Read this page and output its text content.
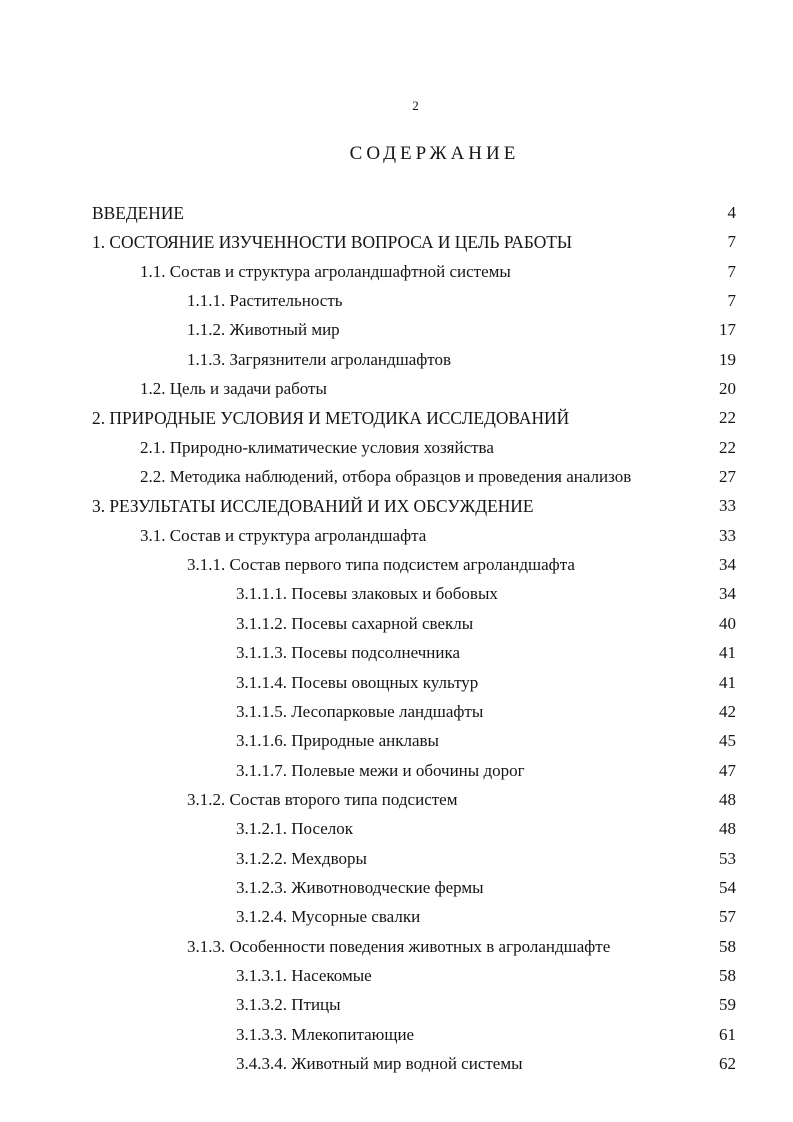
2
СОДЕРЖАНИЕ
ВВЕДЕНИЕ	4
1. СОСТОЯНИЕ ИЗУЧЕННОСТИ ВОПРОСА И ЦЕЛЬ РАБОТЫ	7
1.1. Состав и структура агроландшафтной системы	7
1.1.1. Растительность	7
1.1.2. Животный мир	17
1.1.3. Загрязнители агроландшафтов	19
1.2. Цель и задачи работы	20
2. ПРИРОДНЫЕ УСЛОВИЯ И МЕТОДИКА ИССЛЕДОВАНИЙ	22
2.1. Природно-климатические условия хозяйства	22
2.2. Методика наблюдений, отбора образцов и проведения анализов	27
3. РЕЗУЛЬТАТЫ ИССЛЕДОВАНИЙ И ИХ ОБСУЖДЕНИЕ	33
3.1. Состав и структура агроландшафта	33
3.1.1. Состав первого типа подсистем агроландшафта	34
3.1.1.1. Посевы злаковых и бобовых	34
3.1.1.2. Посевы сахарной свеклы	40
3.1.1.3. Посевы подсолнечника	41
3.1.1.4. Посевы овощных культур	41
3.1.1.5. Лесопарковые ландшафты	42
3.1.1.6. Природные анклавы	45
3.1.1.7. Полевые межи и обочины дорог	47
3.1.2. Состав второго типа подсистем	48
3.1.2.1. Поселок	48
3.1.2.2. Мехдворы	53
3.1.2.3. Животноводческие фермы	54
3.1.2.4. Мусорные свалки	57
3.1.3. Особенности поведения животных в агроландшафте	58
3.1.3.1. Насекомые	58
3.1.3.2. Птицы	59
3.1.3.3. Млекопитающие	61
3.4.3.4. Животный мир водной системы	62
